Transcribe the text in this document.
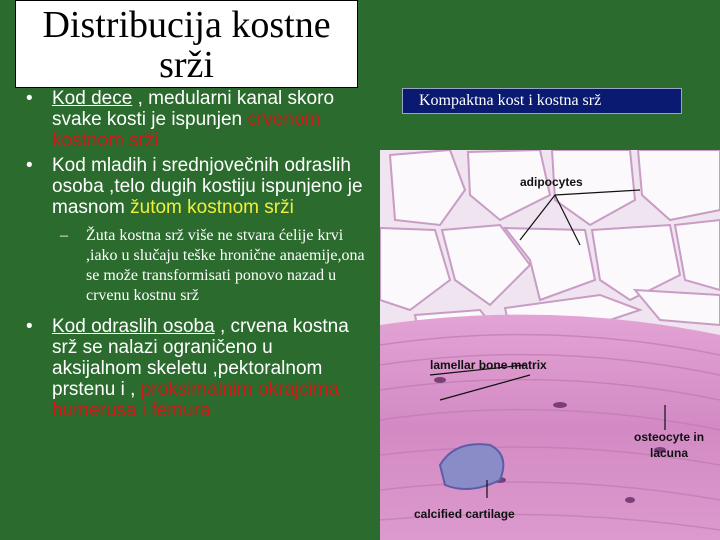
Distribucija kostne
srži
• Kod dece , medularni kanal skoro svake kosti je ispunjen crvenom kostnom srži
• Kod mladih i srednjovečnih odraslih osoba ,telo dugih kostiju ispunjeno je masnom žutom kostnom srži
– Žuta kostna srž više ne stvara ćelije krvi ,iako u slučaju teške hronične anaemije,ona se može transformisati ponovo nazad u crvenu kostnu srž
• Kod odraslih osoba , crvena kostna srž se nalazi ograničeno u aksijalnom skeletu ,pektoralnom prstenu i , proksimalnim okrajcima humerusa i femura
Kompaktna kost i kostna srž
adipocytes
lamellar bone matrix
osteocyte in
lacuna
calcified cartilage
